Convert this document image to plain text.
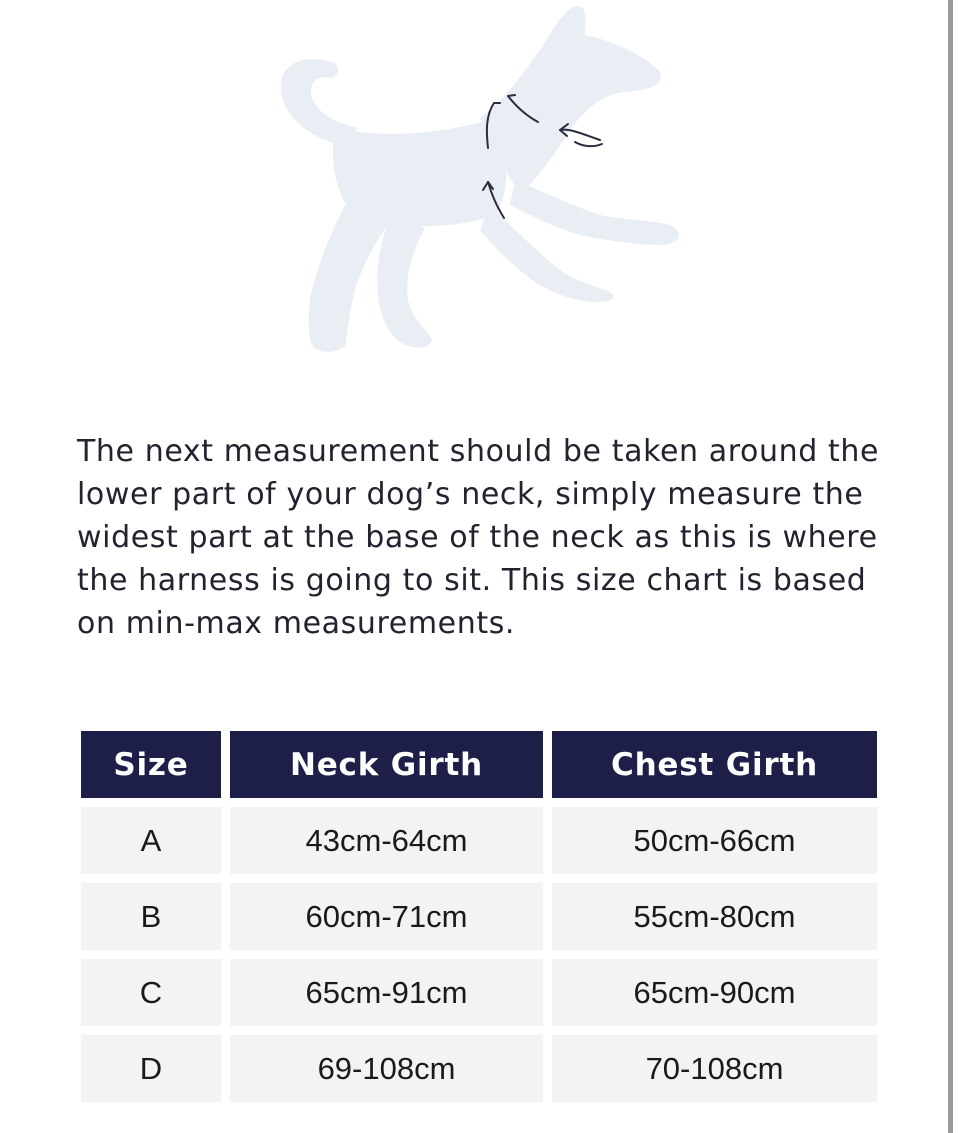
The next measurement should be taken around the lower part of your dog’s neck, simply measure the widest part at the base of the neck as this is where the harness is going to sit. This size chart is based on min-max measurements.

Size	Neck Girth	Chest Girth
A	43cm-64cm	50cm-66cm
B	60cm-71cm	55cm-80cm
C	65cm-91cm	65cm-90cm
D	69-108cm	70-108cm
